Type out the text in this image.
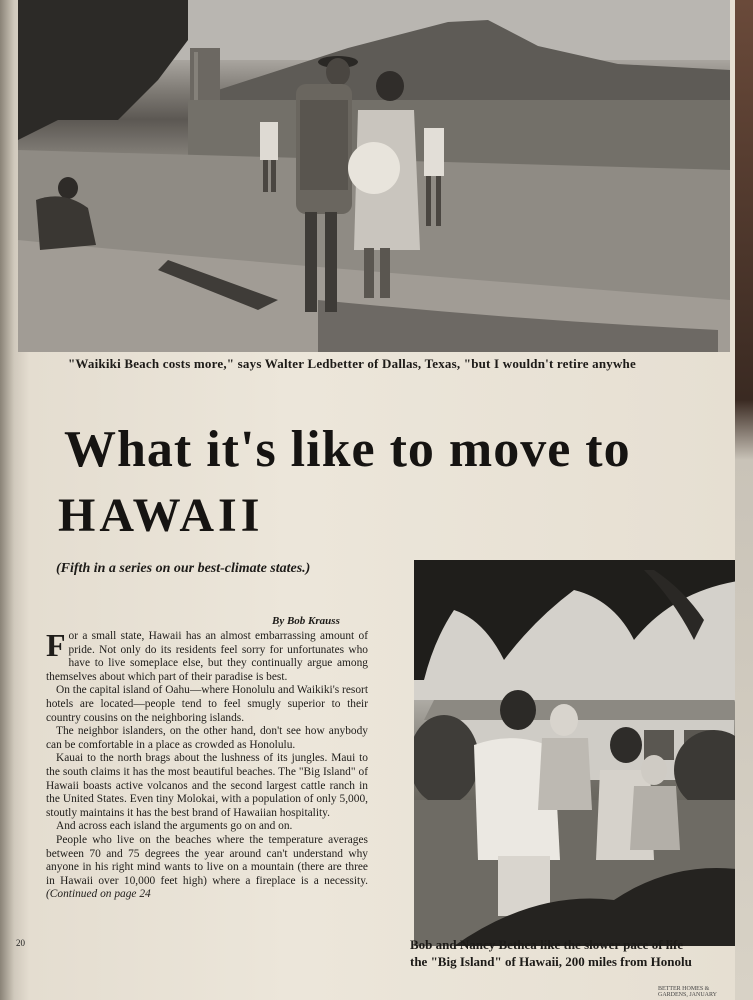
"Waikiki Beach costs more," says Walter Ledbetter of Dallas, Texas, "but I wouldn't retire anywhe
What it's like to move to
HAWAII
(Fifth in a series on our best-climate states.)
By Bob Krauss

For a small state, Hawaii has an almost embarrassing amount of pride. Not only do its residents feel sorry for unfortunates who have to live someplace else, but they continually argue among themselves about which part of their paradise is best.

On the capital island of Oahu—where Honolulu and Waikiki's resort hotels are located—people tend to feel smugly superior to their country cousins on the neighboring islands.

The neighbor islanders, on the other hand, don't see how anybody can be comfortable in a place as crowded as Honolulu.

Kauai to the north brags about the lushness of its jungles. Maui to the south claims it has the most beautiful beaches. The "Big Island" of Hawaii boasts active volcanos and the second largest cattle ranch in the United States. Even tiny Molokai, with a population of only 5,000, stoutly maintains it has the best brand of Hawaiian hospitality.

And across each island the arguments go on and on.

People who live on the beaches where the temperature averages between 70 and 75 degrees the year around can't understand why anyone in his right mind wants to live on a mountain (there are three in Hawaii over 10,000 feet high) where a fireplace is a necessity. (Continued on page 24

20	Bob and Nancy Bethea like the slower pace of life
the "Big Island" of Hawaii, 200 miles from Honolu
BETTER HOMES & GARDENS, JANUARY
